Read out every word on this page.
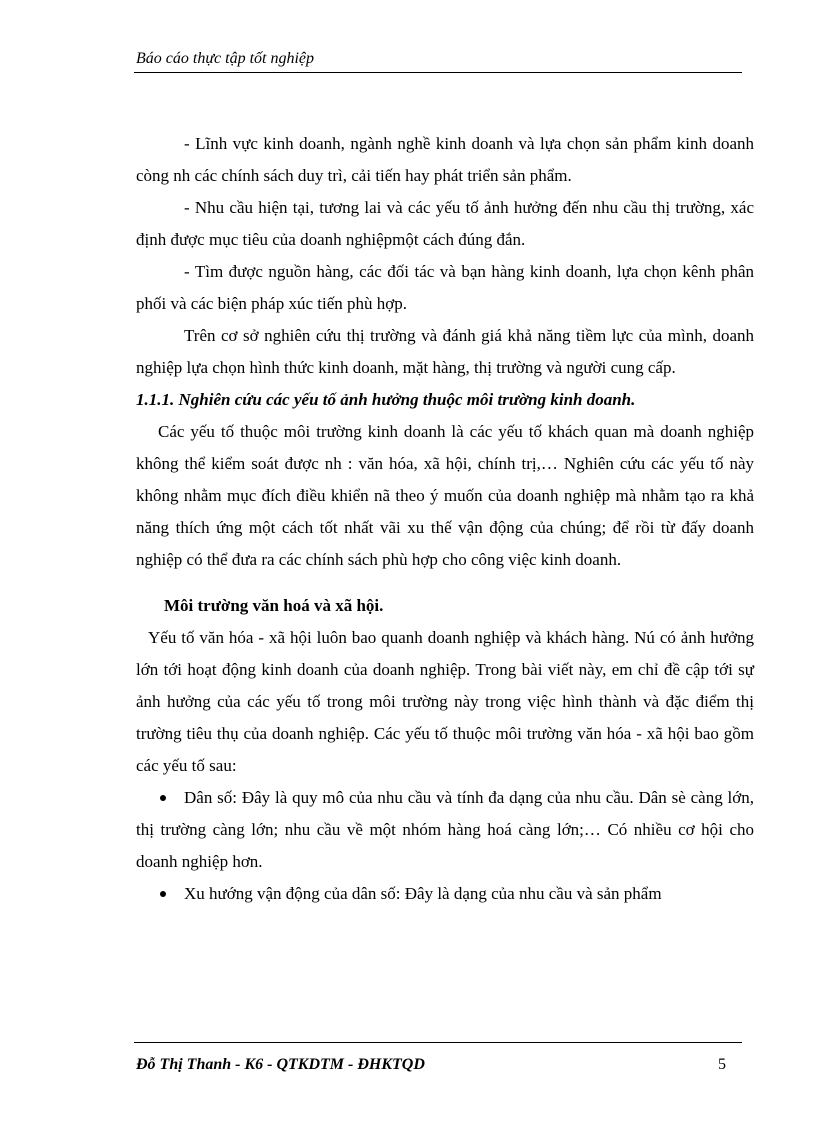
Báo cáo thực tập tốt nghiệp

- Lĩnh vực kinh doanh, ngành nghề kinh doanh và lựa chọn sản phẩm kinh doanh còng nh các chính sách duy trì, cải tiến hay phát triển sản phẩm.

- Nhu cầu hiện tại, tương lai và các yếu tố ảnh hưởng đến nhu cầu thị trường, xác định được mục tiêu của doanh nghiệpmột cách đúng đắn.

- Tìm được nguồn hàng, các đối tác và bạn hàng kinh doanh, lựa chọn kênh phân phối và các biện pháp xúc tiến phù hợp.

Trên cơ sở nghiên cứu thị trường và đánh giá khả năng tiềm lực của mình, doanh nghiệp lựa chọn hình thức kinh doanh, mặt hàng, thị trường và người cung cấp.

1.1.1. Nghiên cứu các yếu tố ảnh hưởng thuộc môi trường kinh doanh.

Các yếu tố thuộc môi trường kinh doanh là các yếu tố khách quan mà doanh nghiệp không thể kiểm soát được nh : văn hóa, xã hội, chính trị,… Nghiên cứu các yếu tố này không nhằm mục đích điều khiển nã theo ý muốn của doanh nghiệp mà nhằm tạo ra khả năng thích ứng một cách tốt nhất vãi xu thế vận động của chúng; để rồi từ đấy doanh nghiệp có thể đưa ra các chính sách phù hợp cho công việc kinh doanh.

Môi trường văn hoá và xã hội.

Yếu tố văn hóa - xã hội luôn bao quanh doanh nghiệp và khách hàng. Nú có ảnh hưởng lớn tới hoạt động kinh doanh của doanh nghiệp. Trong bài viết này, em chỉ đề cập tới sự ảnh hưởng của các yếu tố trong môi trường này trong việc hình thành và đặc điểm thị trường tiêu thụ của doanh nghiệp. Các yếu tố thuộc môi trường văn hóa - xã hội bao gồm các yếu tố sau:

Dân số: Đây là quy mô của nhu cầu và tính đa dạng của nhu cầu. Dân sè càng lớn, thị trường càng lớn; nhu cầu về một nhóm hàng hoá càng lớn;… Có nhiều cơ hội cho doanh nghiệp hơn.
Xu hướng vận động của dân số: Đây là dạng của nhu cầu và sản phẩm
Đỗ Thị Thanh - K6 - QTKDTM - ĐHKTQD	5
